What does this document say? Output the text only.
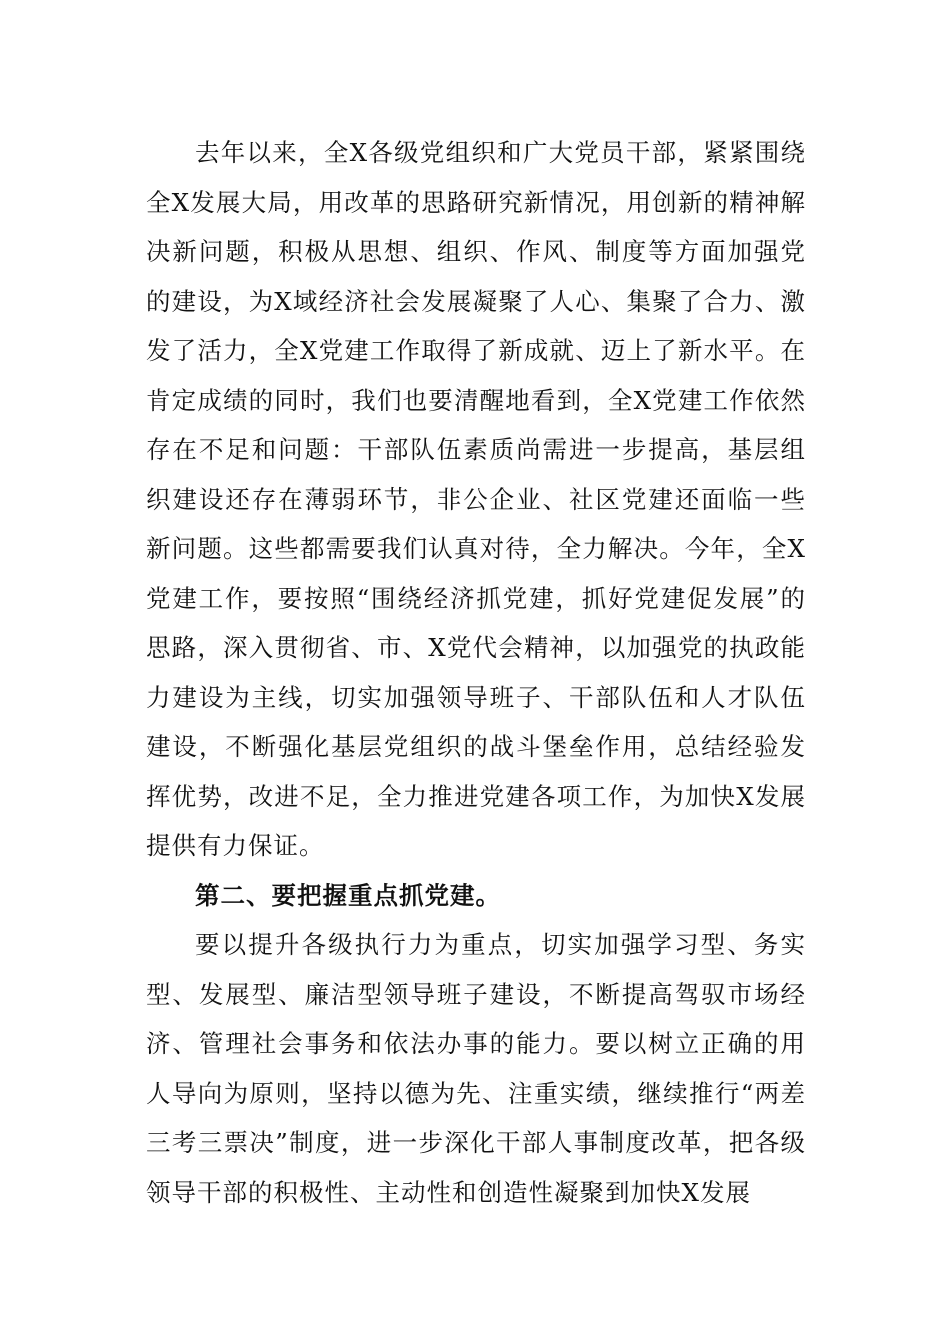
去年以来，全X各级党组织和广大党员干部，紧紧围绕全X发展大局，用改革的思路研究新情况，用创新的精神解决新问题，积极从思想、组织、作风、制度等方面加强党的建设，为X域经济社会发展凝聚了人心、集聚了合力、激发了活力，全X党建工作取得了新成就、迈上了新水平。在肯定成绩的同时，我们也要清醒地看到，全X党建工作依然存在不足和问题：干部队伍素质尚需进一步提高，基层组织建设还存在薄弱环节，非公企业、社区党建还面临一些新问题。这些都需要我们认真对待，全力解决。今年，全X党建工作，要按照“围绕经济抓党建，抓好党建促发展”的思路，深入贯彻省、市、X党代会精神，以加强党的执政能力建设为主线，切实加强领导班子、干部队伍和人才队伍建设，不断强化基层党组织的战斗堡垒作用，总结经验发挥优势，改进不足，全力推进党建各项工作，为加快X发展提供有力保证。

第二、要把握重点抓党建。

要以提升各级执行力为重点，切实加强学习型、务实型、发展型、廉洁型领导班子建设，不断提高驾驭市场经济、管理社会事务和依法办事的能力。要以树立正确的用人导向为原则，坚持以德为先、注重实绩，继续推行“两差三考三票决”制度，进一步深化干部人事制度改革，把各级领导干部的积极性、主动性和创造性凝聚到加快X发展
